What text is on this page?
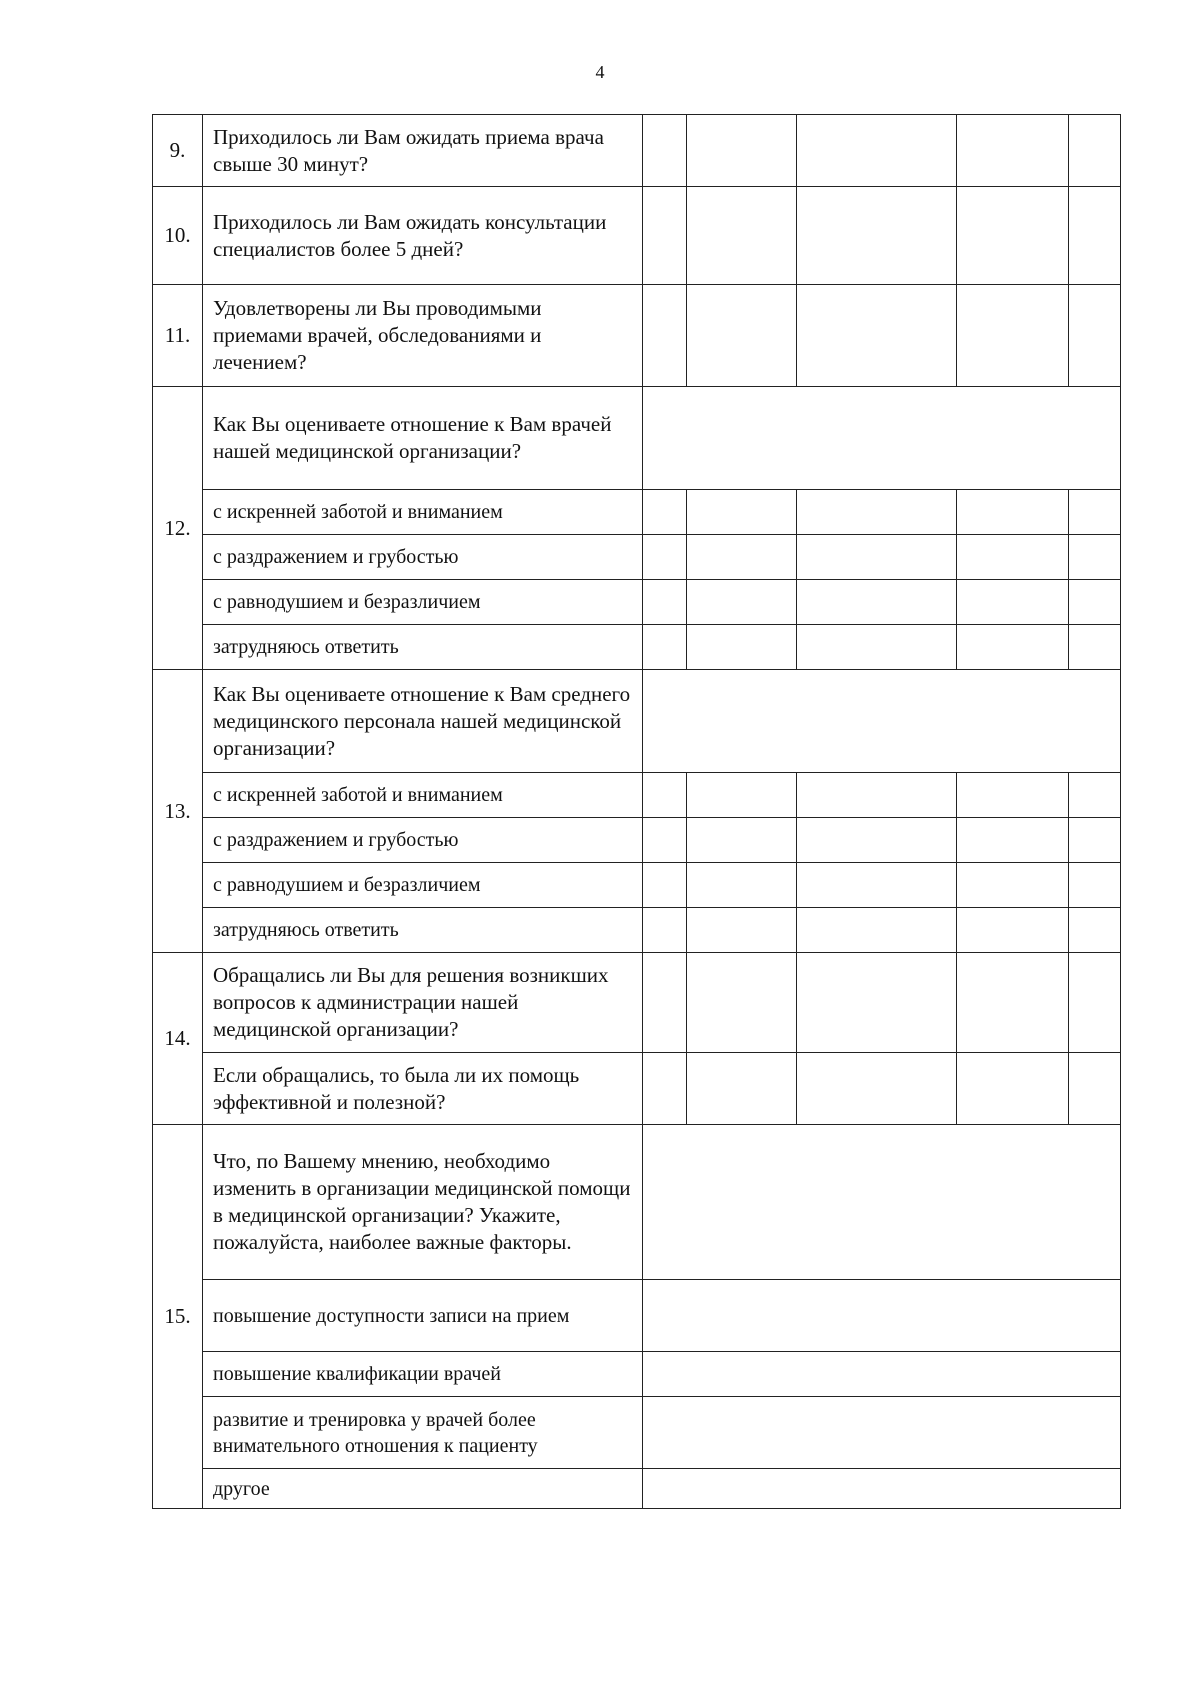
4
9.	Приходилось ли Вам ожидать приема врача свыше 30 минут?					
10.	Приходилось ли Вам ожидать консультации специалистов более 5 дней?					
11.	Удовлетворены ли Вы проводимыми приемами врачей, обследованиями и лечением?					
12.	Как Вы оцениваете отношение к Вам врачей нашей медицинской организации?					
	с искренней заботой и вниманием					
	с раздражением и грубостью					
	с равнодушием и безразличием					
	затрудняюсь ответить					
13.	Как Вы оцениваете отношение к Вам среднего медицинского персонала нашей медицинской организации?					
	с искренней заботой и вниманием					
	с раздражением и грубостью					
	с равнодушием и безразличием					
	затрудняюсь ответить					
14.	Обращались ли Вы для решения возникших вопросов к администрации нашей медицинской организации?					
	Если обращались, то была ли их помощь эффективной и полезной?					
15.	Что, по Вашему мнению, необходимо изменить в организации медицинской помощи в медицинской организации? Укажите, пожалуйста, наиболее важные факторы.					
	повышение доступности записи на прием					
	повышение квалификации врачей					
	развитие и тренировка у врачей более внимательного отношения к пациенту					
	другое					
